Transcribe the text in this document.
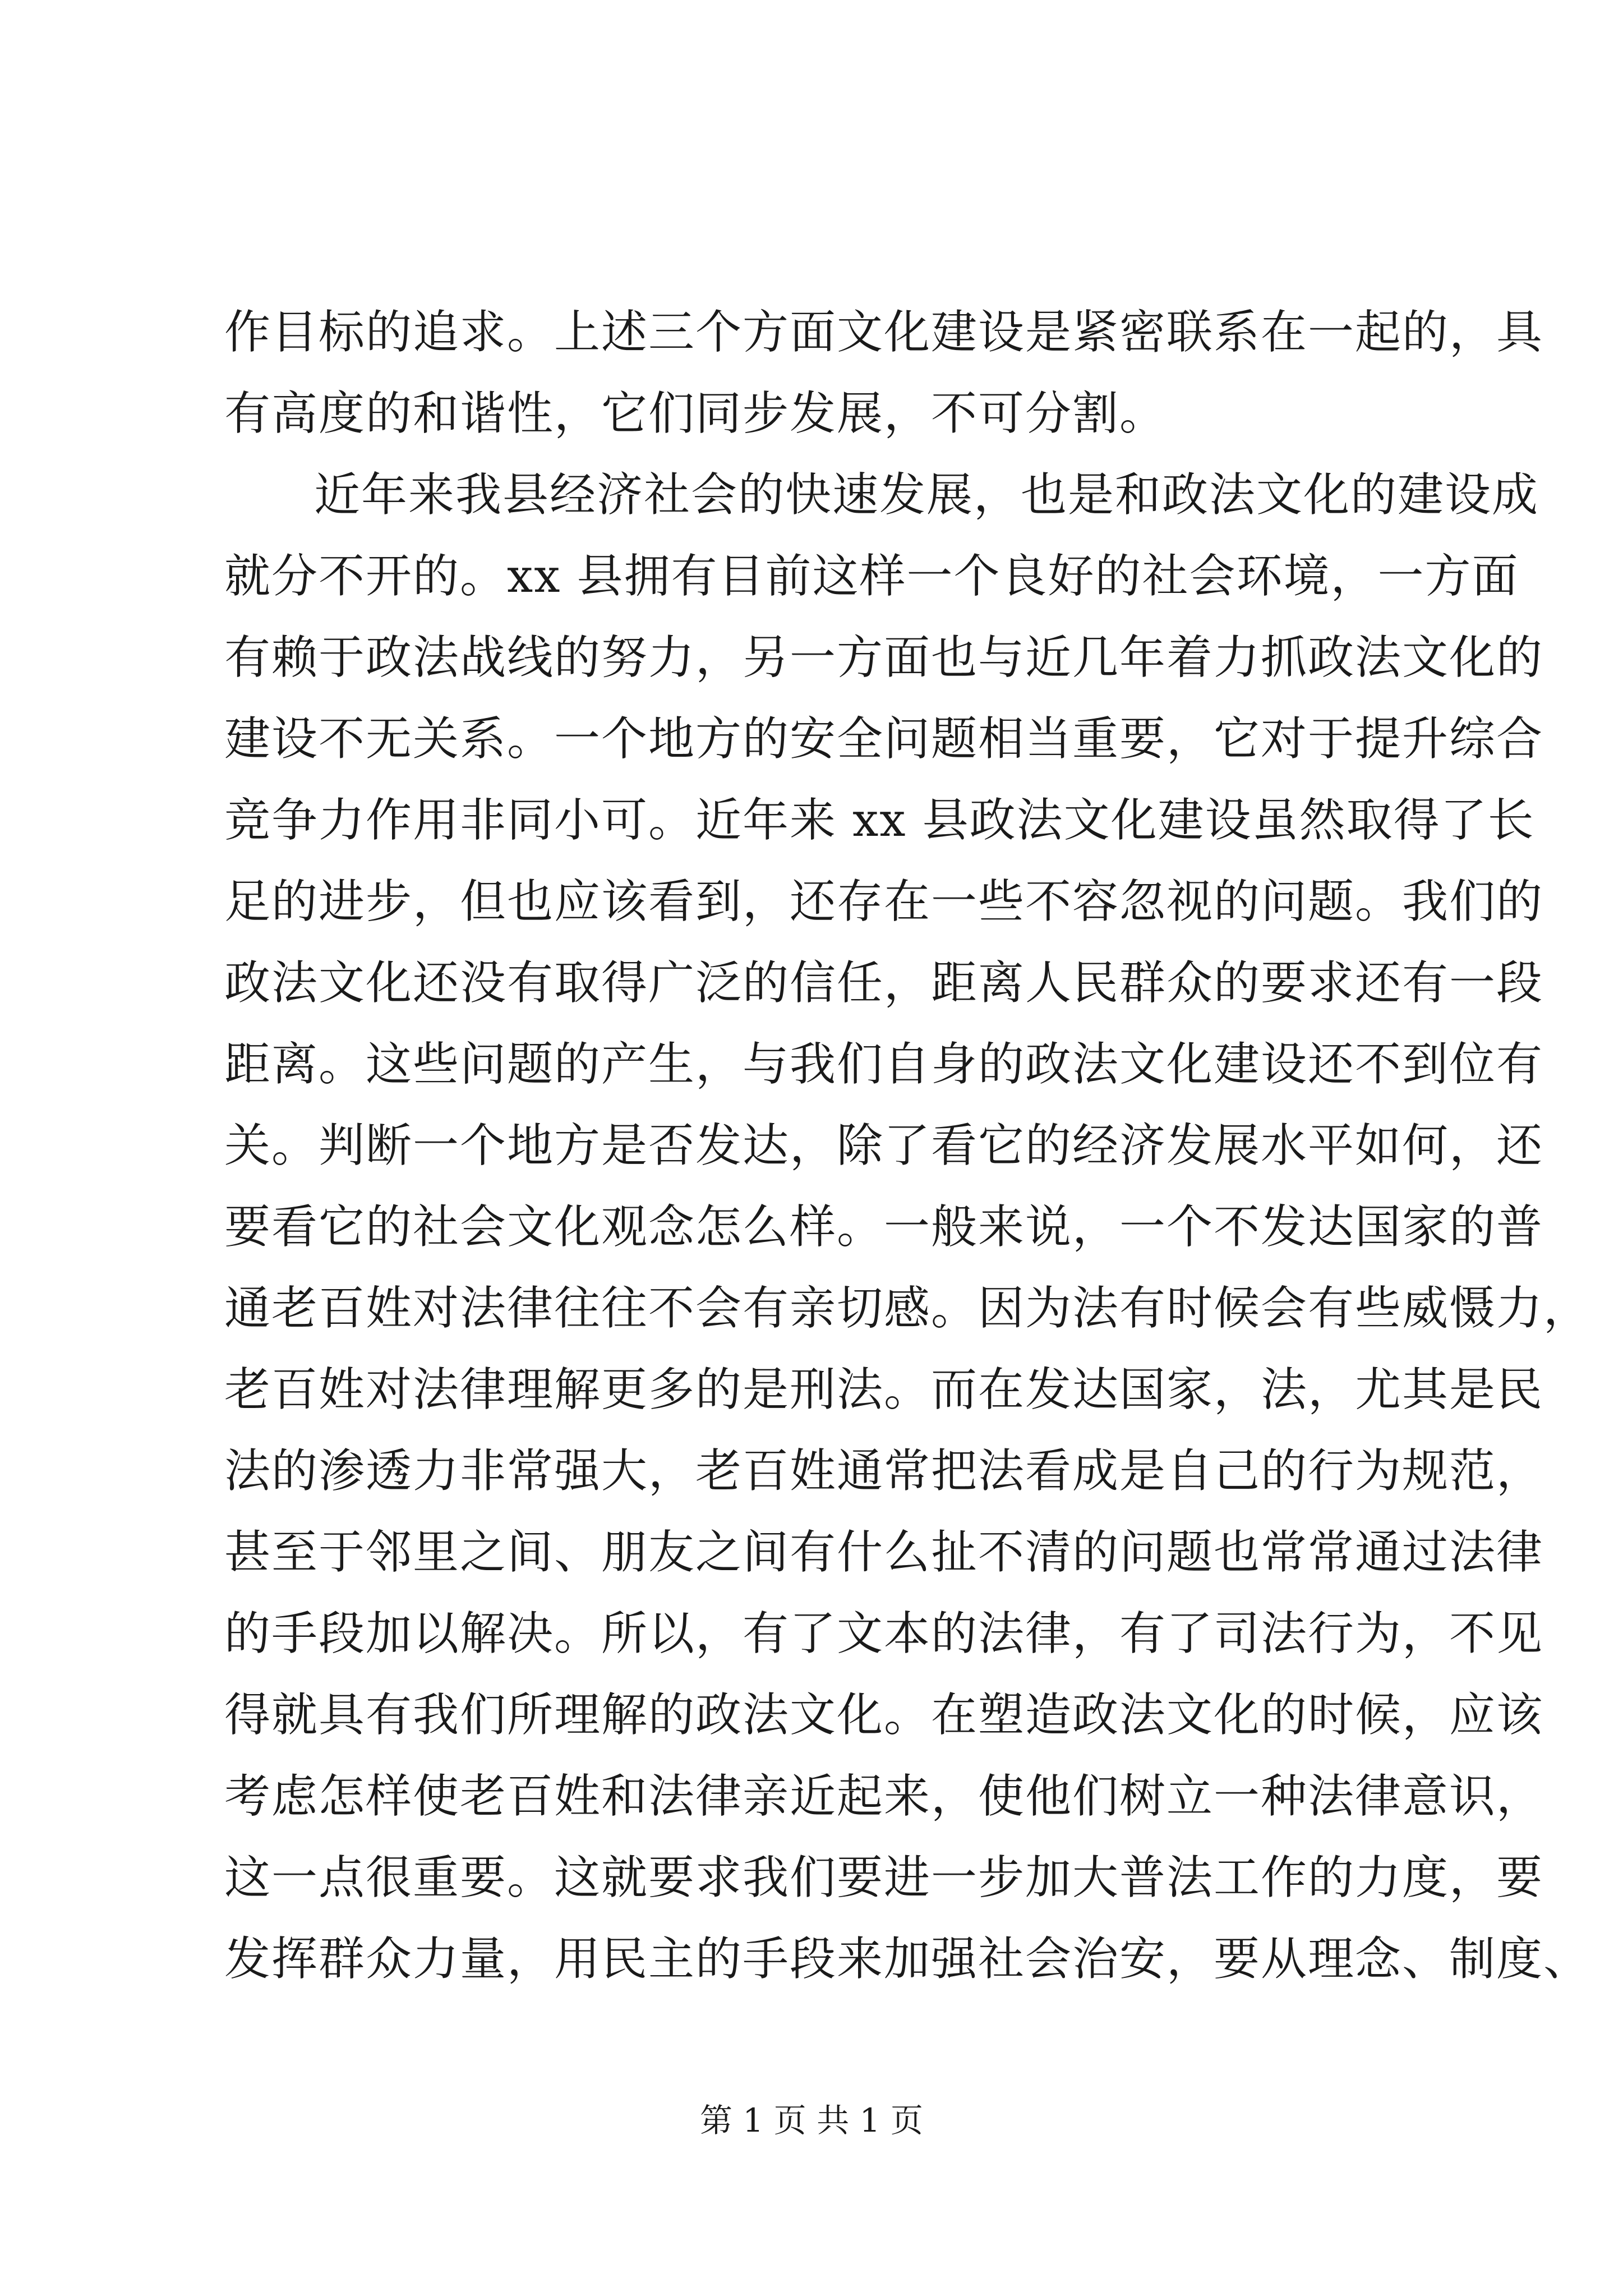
作目标的追求。上述三个方面文化建设是紧密联系在一起的，具
有高度的和谐性，它们同步发展，不可分割。
近年来我县经济社会的快速发展，也是和政法文化的建设成
就分不开的。xx 县拥有目前这样一个良好的社会环境，一方面
有赖于政法战线的努力，另一方面也与近几年着力抓政法文化的
建设不无关系。一个地方的安全问题相当重要，它对于提升综合
竞争力作用非同小可。近年来 xx 县政法文化建设虽然取得了长
足的进步，但也应该看到，还存在一些不容忽视的问题。我们的
政法文化还没有取得广泛的信任，距离人民群众的要求还有一段
距离。这些问题的产生，与我们自身的政法文化建设还不到位有
关。判断一个地方是否发达，除了看它的经济发展水平如何，还
要看它的社会文化观念怎么样。一般来说，一个不发达国家的普
通老百姓对法律往往不会有亲切感。因为法有时候会有些威慑力，
老百姓对法律理解更多的是刑法。而在发达国家，法，尤其是民
法的渗透力非常强大，老百姓通常把法看成是自己的行为规范，
甚至于邻里之间、朋友之间有什么扯不清的问题也常常通过法律
的手段加以解决。所以，有了文本的法律，有了司法行为，不见
得就具有我们所理解的政法文化。在塑造政法文化的时候，应该
考虑怎样使老百姓和法律亲近起来，使他们树立一种法律意识，
这一点很重要。这就要求我们要进一步加大普法工作的力度，要
发挥群众力量，用民主的手段来加强社会治安，要从理念、制度、
第 1 页 共 1 页
